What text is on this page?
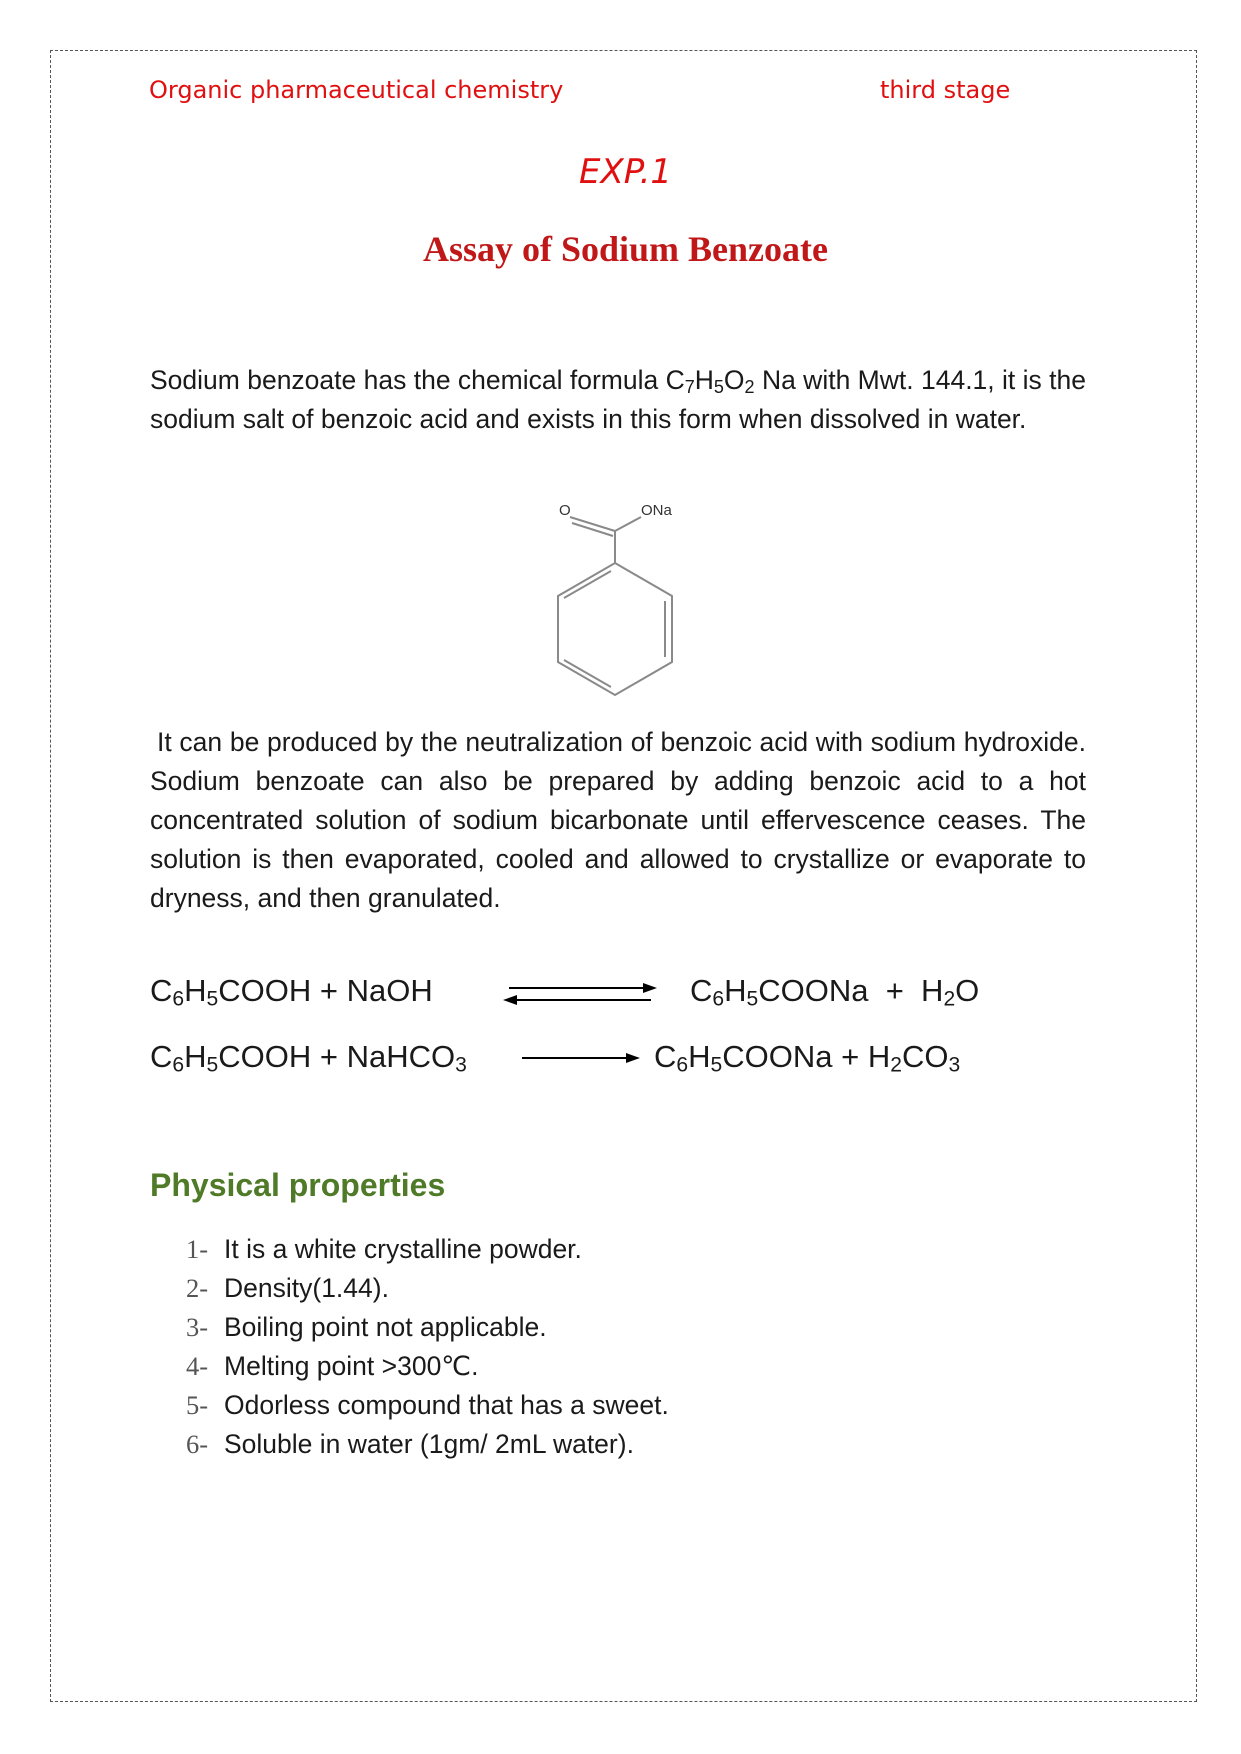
Organic pharmaceutical chemistry	third stage
EXP.1
Assay of Sodium Benzoate
Sodium benzoate has the chemical formula $C_7H_5O_2$ Na with Mwt. 144.1, it is the sodium salt of benzoic acid and exists in this form when dissolved in water.
O	ONa
It can be produced by the neutralization of benzoic acid with sodium hydroxide. Sodium benzoate can also be prepared by adding benzoic acid to a hot concentrated solution of sodium bicarbonate until effervescence ceases. The solution is then evaporated, cooled and allowed to crystallize or evaporate to dryness, and then granulated.
$C_6H_5COOH$ + NaOH	$C_6H_5COONa + H_2O$
$C_6H_5COOH$ + NaHCO$_3$	$C_6H_5COONa + H_2CO_3$
Physical properties
1- It is a white crystalline powder.
2- Density(1.44).
3- Boiling point not applicable.
4- Melting point >300℃.
5- Odorless compound that has a sweet.
6- Soluble in water (1gm/ 2mL water).
